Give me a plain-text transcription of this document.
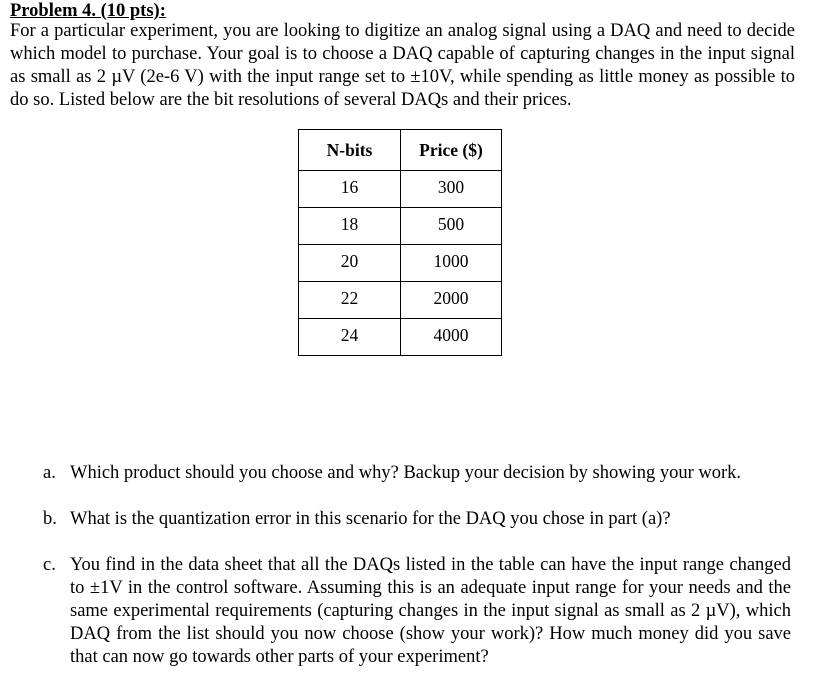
Problem 4. (10 pts):
For a particular experiment, you are looking to digitize an analog signal using a DAQ and need to decide which model to purchase. Your goal is to choose a DAQ capable of capturing changes in the input signal as small as 2 µV (2e-6 V) with the input range set to ±10V, while spending as little money as possible to do so. Listed below are the bit resolutions of several DAQs and their prices.
N-bits	Price ($)
16	300
18	500
20	1000
22	2000
24	4000
a. Which product should you choose and why? Backup your decision by showing your work.
b. What is the quantization error in this scenario for the DAQ you chose in part (a)?
c. You find in the data sheet that all the DAQs listed in the table can have the input range changed to ±1V in the control software. Assuming this is an adequate input range for your needs and the same experimental requirements (capturing changes in the input signal as small as 2 µV), which DAQ from the list should you now choose (show your work)? How much money did you save that can now go towards other parts of your experiment?
